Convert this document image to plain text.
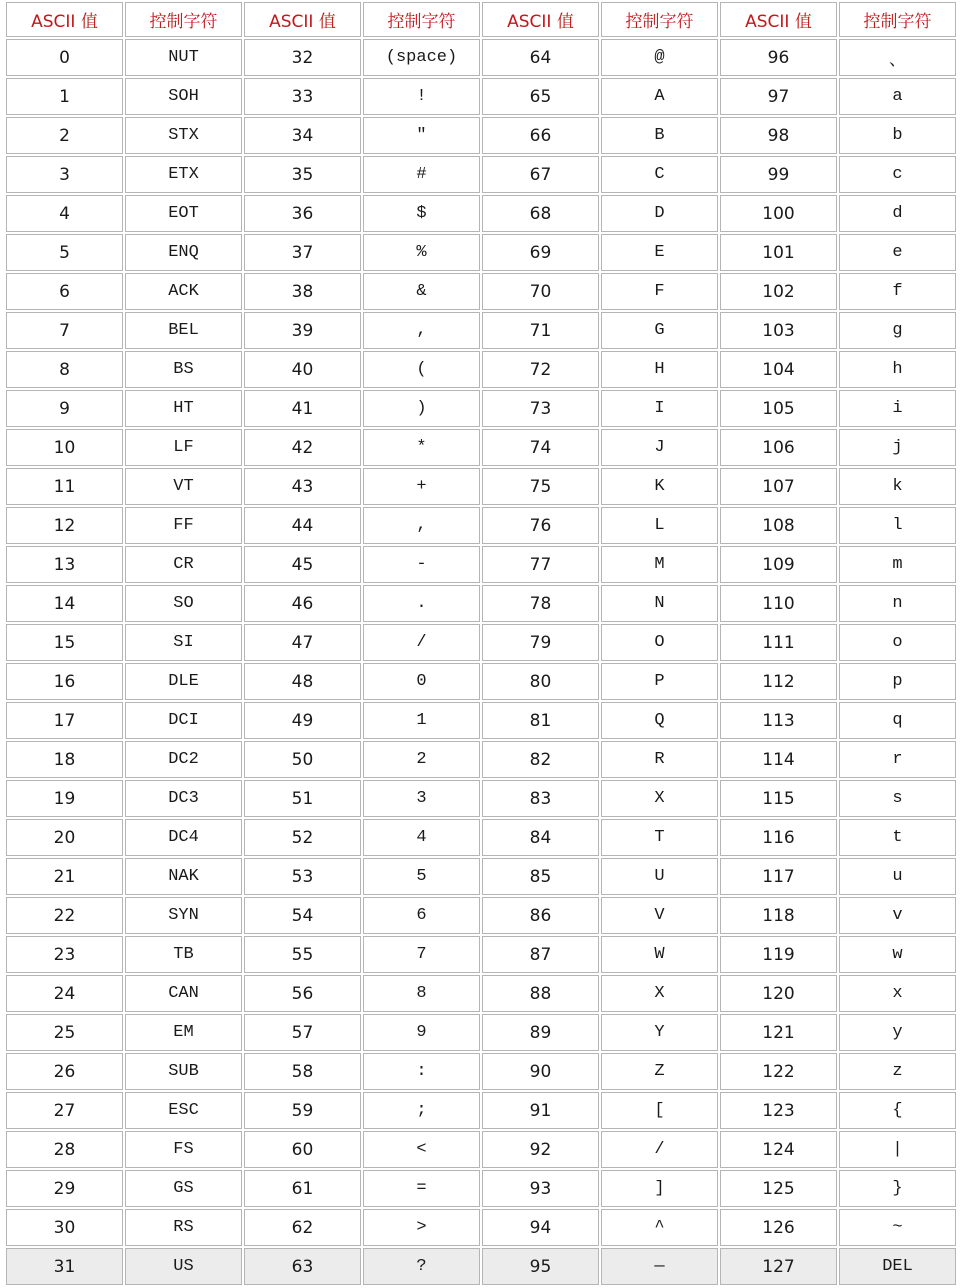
ASCII 值	控制字符	ASCII 值	控制字符	ASCII 值	控制字符	ASCII 值	控制字符
0	NUT	32	(space)	64	@	96	、
1	SOH	33	!	65	A	97	a
2	STX	34	"	66	B	98	b
3	ETX	35	#	67	C	99	c
4	EOT	36	$	68	D	100	d
5	ENQ	37	%	69	E	101	e
6	ACK	38	&	70	F	102	f
7	BEL	39	,	71	G	103	g
8	BS	40	(	72	H	104	h
9	HT	41	)	73	I	105	i
10	LF	42	*	74	J	106	j
11	VT	43	+	75	K	107	k
12	FF	44	,	76	L	108	l
13	CR	45	-	77	M	109	m
14	SO	46	.	78	N	110	n
15	SI	47	/	79	O	111	o
16	DLE	48	0	80	P	112	p
17	DCI	49	1	81	Q	113	q
18	DC2	50	2	82	R	114	r
19	DC3	51	3	83	X	115	s
20	DC4	52	4	84	T	116	t
21	NAK	53	5	85	U	117	u
22	SYN	54	6	86	V	118	v
23	TB	55	7	87	W	119	w
24	CAN	56	8	88	X	120	x
25	EM	57	9	89	Y	121	y
26	SUB	58	:	90	Z	122	z
27	ESC	59	;	91	[	123	{
28	FS	60	<	92	/	124	|
29	GS	61	=	93	]	125	}
30	RS	62	>	94	^	126	~
31	US	63	?	95	—	127	DEL
